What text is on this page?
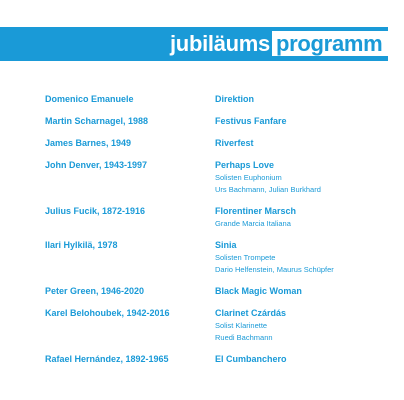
jubiläums programm
Domenico Emanuele	Direktion
Martin Scharnagel, 1988	Festivus Fanfare
James Barnes, 1949	Riverfest
John Denver, 1943-1997	Perhaps Love
Solisten Euphonium
Urs Bachmann, Julian Burkhard
Julius Fucik, 1872-1916	Florentiner Marsch
Grande Marcia Italiana
Ilari Hylkilä, 1978	Sinia
Solisten Trompete
Dario Helfenstein, Maurus Schüpfer
Peter Green, 1946-2020	Black Magic Woman
Karel Belohoubek, 1942-2016	Clarinet Czárdás
Solist Klarinette
Ruedi Bachmann
Rafael Hernández, 1892-1965	El Cumbanchero
